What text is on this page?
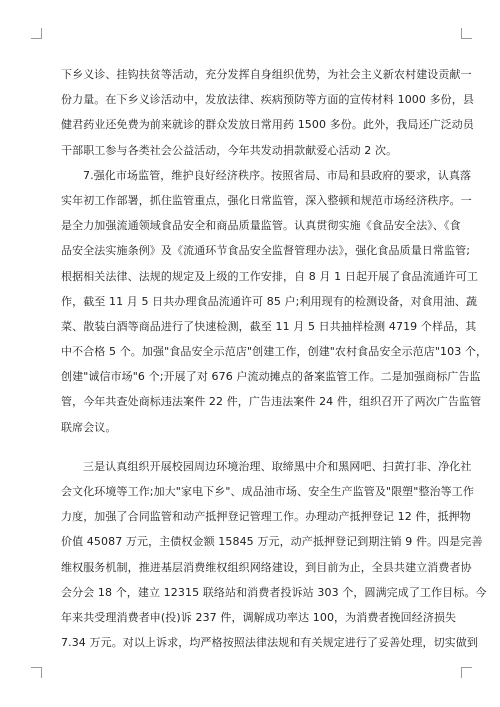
下乡义诊、挂钩扶贫等活动，充分发挥自身组织优势，为社会主义新农村建设贡献一
份力量。在下乡义诊活动中，发放法律、疾病预防等方面的宣传材料 1000 多份，县
健君药业还免费为前来就诊的群众发放日常用药 1500 多份。此外，我局还广泛动员
干部职工参与各类社会公益活动，今年共发动捐款献爱心活动 2 次。
7.强化市场监管，维护良好经济秩序。按照省局、市局和县政府的要求，认真落
实年初工作部署，抓住监管重点，强化日常监管，深入整顿和规范市场经济秩序。一
是全力加强流通领域食品安全和商品质量监管。认真贯彻实施《食品安全法》、《食
品安全法实施条例》及《流通环节食品安全监督管理办法》，强化食品质量日常监管;
根据相关法律、法规的规定及上级的工作安排，自 8 月 1 日起开展了食品流通许可工
作，截至 11 月 5 日共办理食品流通许可 85 户;利用现有的检测设备，对食用油、蔬
菜、散装白酒等商品进行了快速检测，截至 11 月 5 日共抽样检测 4719 个样品，其
中不合格 5 个。加强"食品安全示范店"创建工作，创建"农村食品安全示范店"103 个，
创建"诚信市场"6 个;开展了对 676 户流动摊点的备案监管工作。二是加强商标广告监
管，今年共查处商标违法案件 22 件，广告违法案件 24 件，组织召开了两次广告监管
联席会议。
三是认真组织开展校园周边环境治理、取缔黑中介和黑网吧、扫黄打非、净化社
会文化环境等工作;加大"家电下乡"、成品油市场、安全生产监管及"限塑"整治等工作
力度，加强了合同监管和动产抵押登记管理工作。办理动产抵押登记 12 件，抵押物
价值 45087 万元，主债权金额 15845 万元，动产抵押登记到期注销 9 件。四是完善
维权服务机制，推进基层消费维权组织网络建设，到目前为止，全县共建立消费者协
会分会 18 个，建立 12315 联络站和消费者投诉站 303 个，圆满完成了工作目标。今
年来共受理消费者申(投)诉 237 件，调解成功率达 100，为消费者挽回经济损失
7.34 万元。对以上诉求，均严格按照法律法规和有关规定进行了妥善处理，切实做到
